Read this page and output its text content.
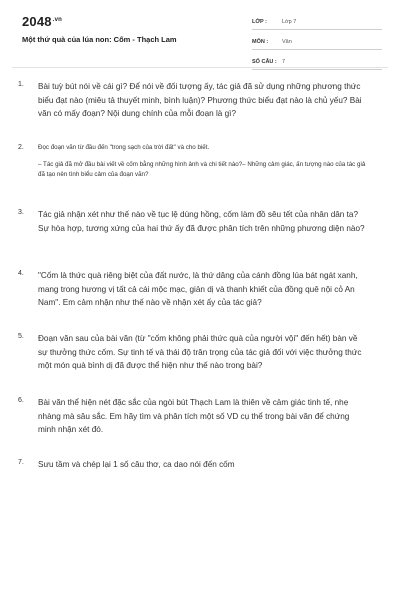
$2048^{.vn}$
Một thứ quà của lúa non: Cốm - Thạch Lam
LỚP :	Lớp 7
MÔN :	Văn
SỐ CÂU : 7
1.	Bài tuỳ bút nói về cái gì? Để nói về đối tượng ấy, tác giả đã sử dụng những phương thức biểu đạt nào (miêu tả thuyết minh, bình luận)? Phương thức biểu đạt nào là chủ yếu? Bài văn có mấy đoạn? Nội dung chính của mỗi đoạn là gì?
2.	Đọc đoạn văn từ đầu đến "trong sạch của trời đất" và cho biết.
– Tác giả đã mở đầu bài viết về cốm bằng những hình ảnh và chi tiết nào?– Những cảm giác, ấn tượng nào của tác giả đã tạo nên tình biểu cảm của đoạn văn?
3.	Tác giả nhận xét như thế nào về tục lệ dùng hồng, cốm làm đồ sêu tết của nhân dân ta? Sự hòa hợp, tương xứng của hai thứ ấy đã được phân tích trên những phương diện nào?
4.	"Cốm là thức quà riêng biệt của đất nước, là thứ dâng của cánh đồng lúa bát ngát xanh, mang trong hương vị tất cả cái mộc mạc, giản dị và thanh khiết của đồng quê nội cỏ An Nam". Em cảm nhận như thế nào về nhận xét ấy của tác giả?
5.	Đoạn văn sau của bài văn (từ "cốm không phải thức quà của người vội" đến hết) bàn về sự thưởng thức cốm. Sự tinh tế và thái độ trân trọng của tác giả đối với việc thưởng thức một món quà bình dị đã được thể hiện như thế nào trong bài?
6.	Bài văn thể hiện nét đặc sắc của ngòi bút Thạch Lam là thiên về cảm giác tinh tế, nhẹ nhàng mà sâu sắc. Em hãy tìm và phân tích một số VD cụ thể trong bài văn để chứng minh nhận xét đó.
7.	Sưu tầm và chép lại 1 số câu thơ, ca dao nói đến cốm
